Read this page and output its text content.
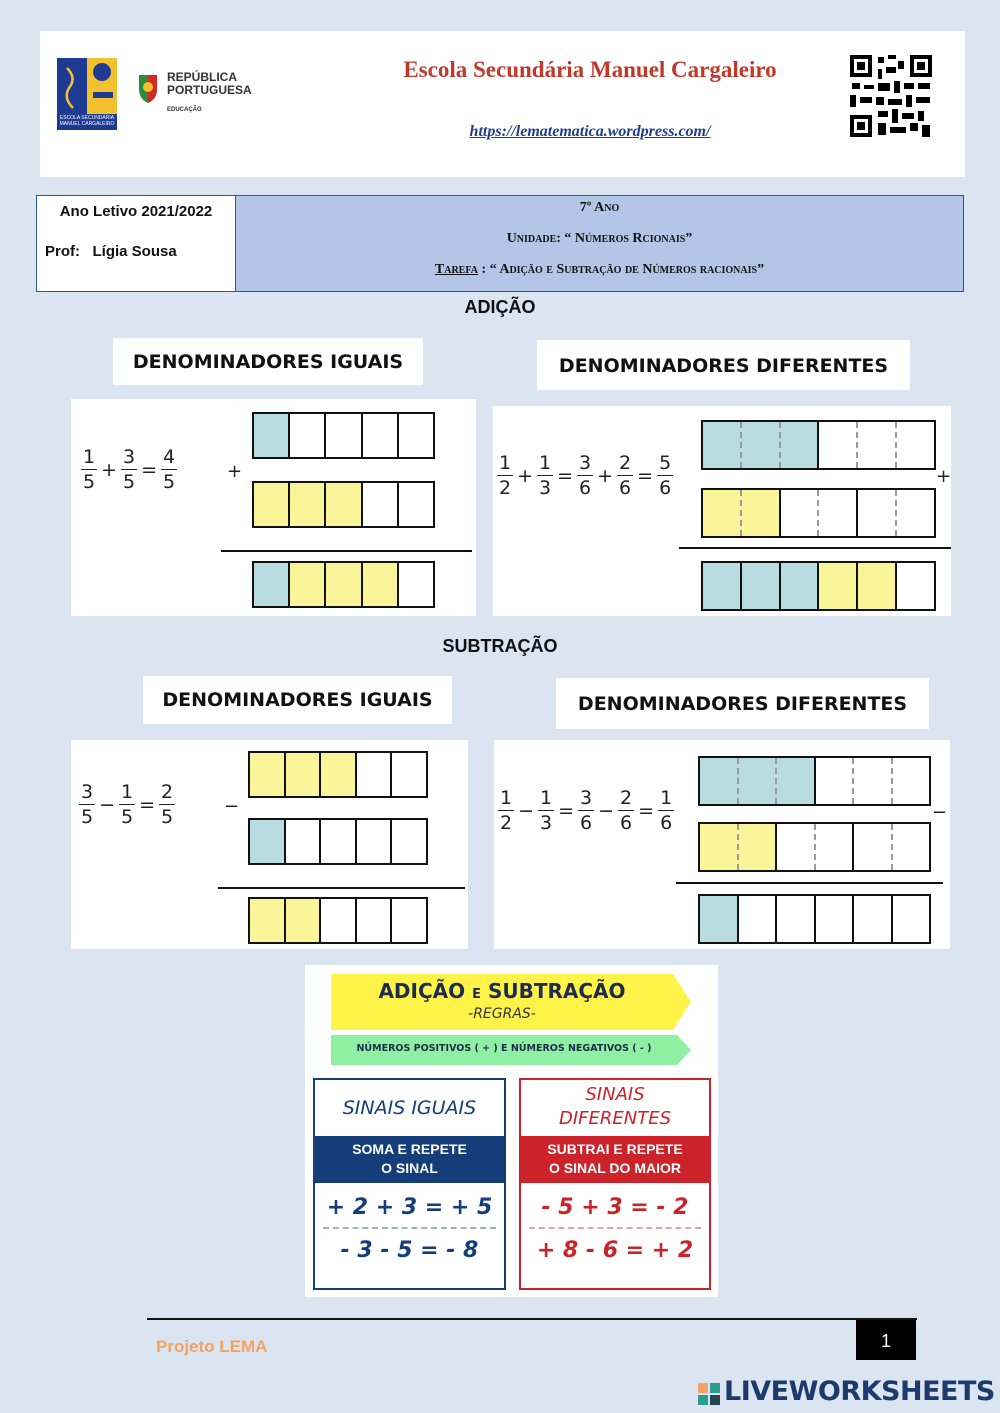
ESCOLA SECUNDÁRIA
MANUEL CARGALEIRO
REPÚBLICA
PORTUGUESA
EDUCAÇÃO
Escola Secundária Manuel Cargaleiro
https://lematematica.wordpress.com/
Ano Letivo 2021/2022
Prof:   Lígia Sousa
7º Ano
Unidade: “ Números Rcionais”
Tarefa : “ Adição e Subtração de Números racionais”
ADIÇÃO
DENOMINADORES IGUAIS	DENOMINADORES DIFERENTES
$\frac{1}{5} + \frac{3}{5} = \frac{4}{5}$	+	$\frac{1}{2} + \frac{1}{3} = \frac{3}{6} + \frac{2}{6} = \frac{5}{6}$	+
SUBTRAÇÃO
DENOMINADORES IGUAIS	DENOMINADORES DIFERENTES
$\frac{3}{5} - \frac{1}{5} = \frac{2}{5}$	−	$\frac{1}{2} - \frac{1}{3} = \frac{3}{6} - \frac{2}{6} = \frac{1}{6}$	−
ADIÇÃO E SUBTRAÇÃO
-REGRAS-
NÚMEROS POSITIVOS ( + ) E NÚMEROS NEGATIVOS ( - )
SINAIS IGUAIS
SOMA E REPETE
O SINAL
+ 2 + 3 = + 5
- 3 - 5 = - 8
SINAIS
DIFERENTES
SUBTRAI E REPETE
O SINAL DO MAIOR
- 5 + 3 = - 2
+ 8 - 6 = + 2
Projeto LEMA	1
LIVEWORKSHEETS
